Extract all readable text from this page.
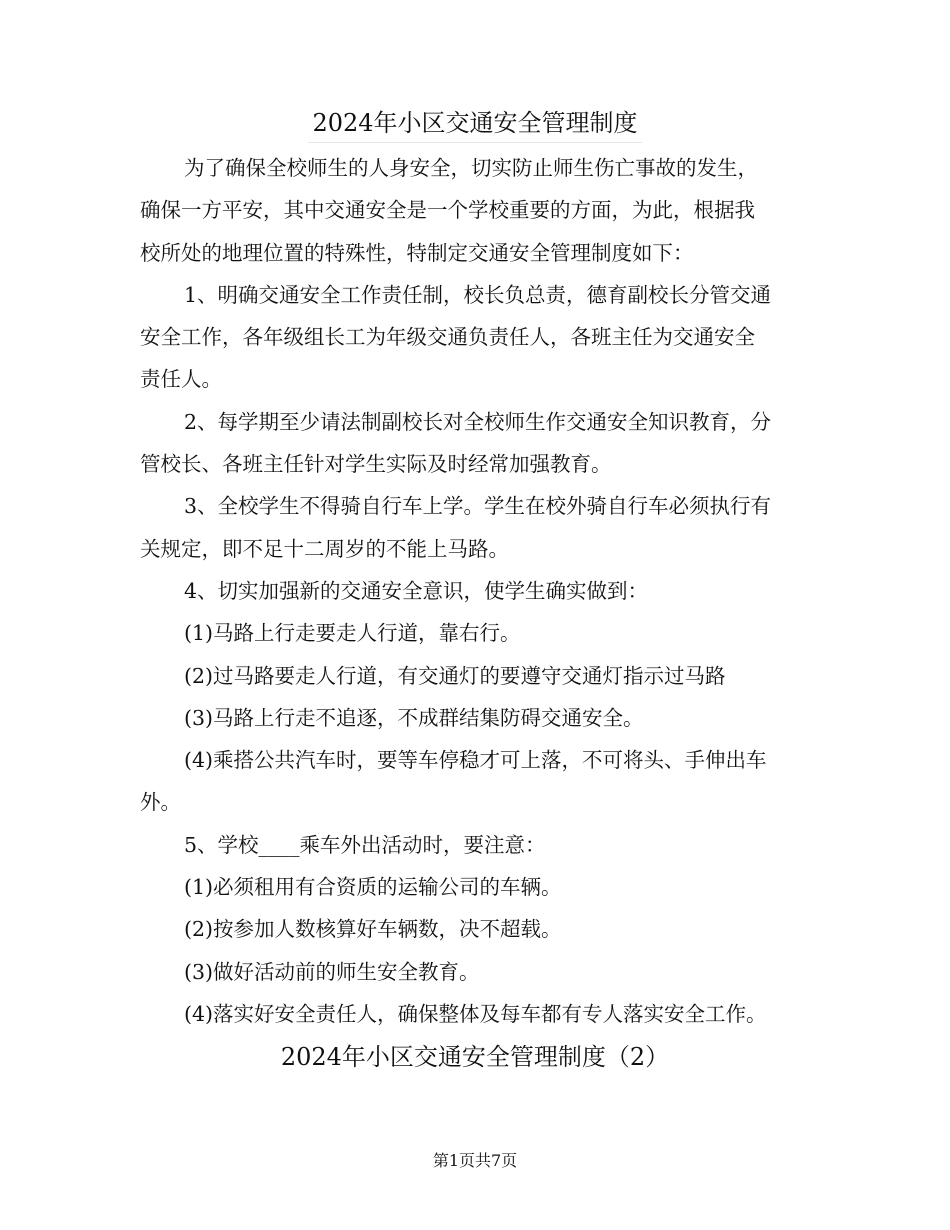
2024年小区交通安全管理制度

为了确保全校师生的人身安全，切实防止师生伤亡事故的发生，

确保一方平安，其中交通安全是一个学校重要的方面，为此，根据我

校所处的地理位置的特殊性，特制定交通安全管理制度如下：

1、明确交通安全工作责任制，校长负总责，德育副校长分管交通

安全工作，各年级组长工为年级交通负责任人，各班主任为交通安全

责任人。

2、每学期至少请法制副校长对全校师生作交通安全知识教育，分

管校长、各班主任针对学生实际及时经常加强教育。

3、全校学生不得骑自行车上学。学生在校外骑自行车必须执行有

关规定，即不足十二周岁的不能上马路。

4、切实加强新的交通安全意识，使学生确实做到：

(1)马路上行走要走人行道，靠右行。

(2)过马路要走人行道，有交通灯的要遵守交通灯指示过马路

(3)马路上行走不追逐，不成群结集防碍交通安全。

(4)乘搭公共汽车时，要等车停稳才可上落，不可将头、手伸出车

外。

5、学校____乘车外出活动时，要注意：

(1)必须租用有合资质的运输公司的车辆。

(2)按参加人数核算好车辆数，决不超载。

(3)做好活动前的师生安全教育。

(4)落实好安全责任人，确保整体及每车都有专人落实安全工作。

2024年小区交通安全管理制度（2）
第1页共7页
